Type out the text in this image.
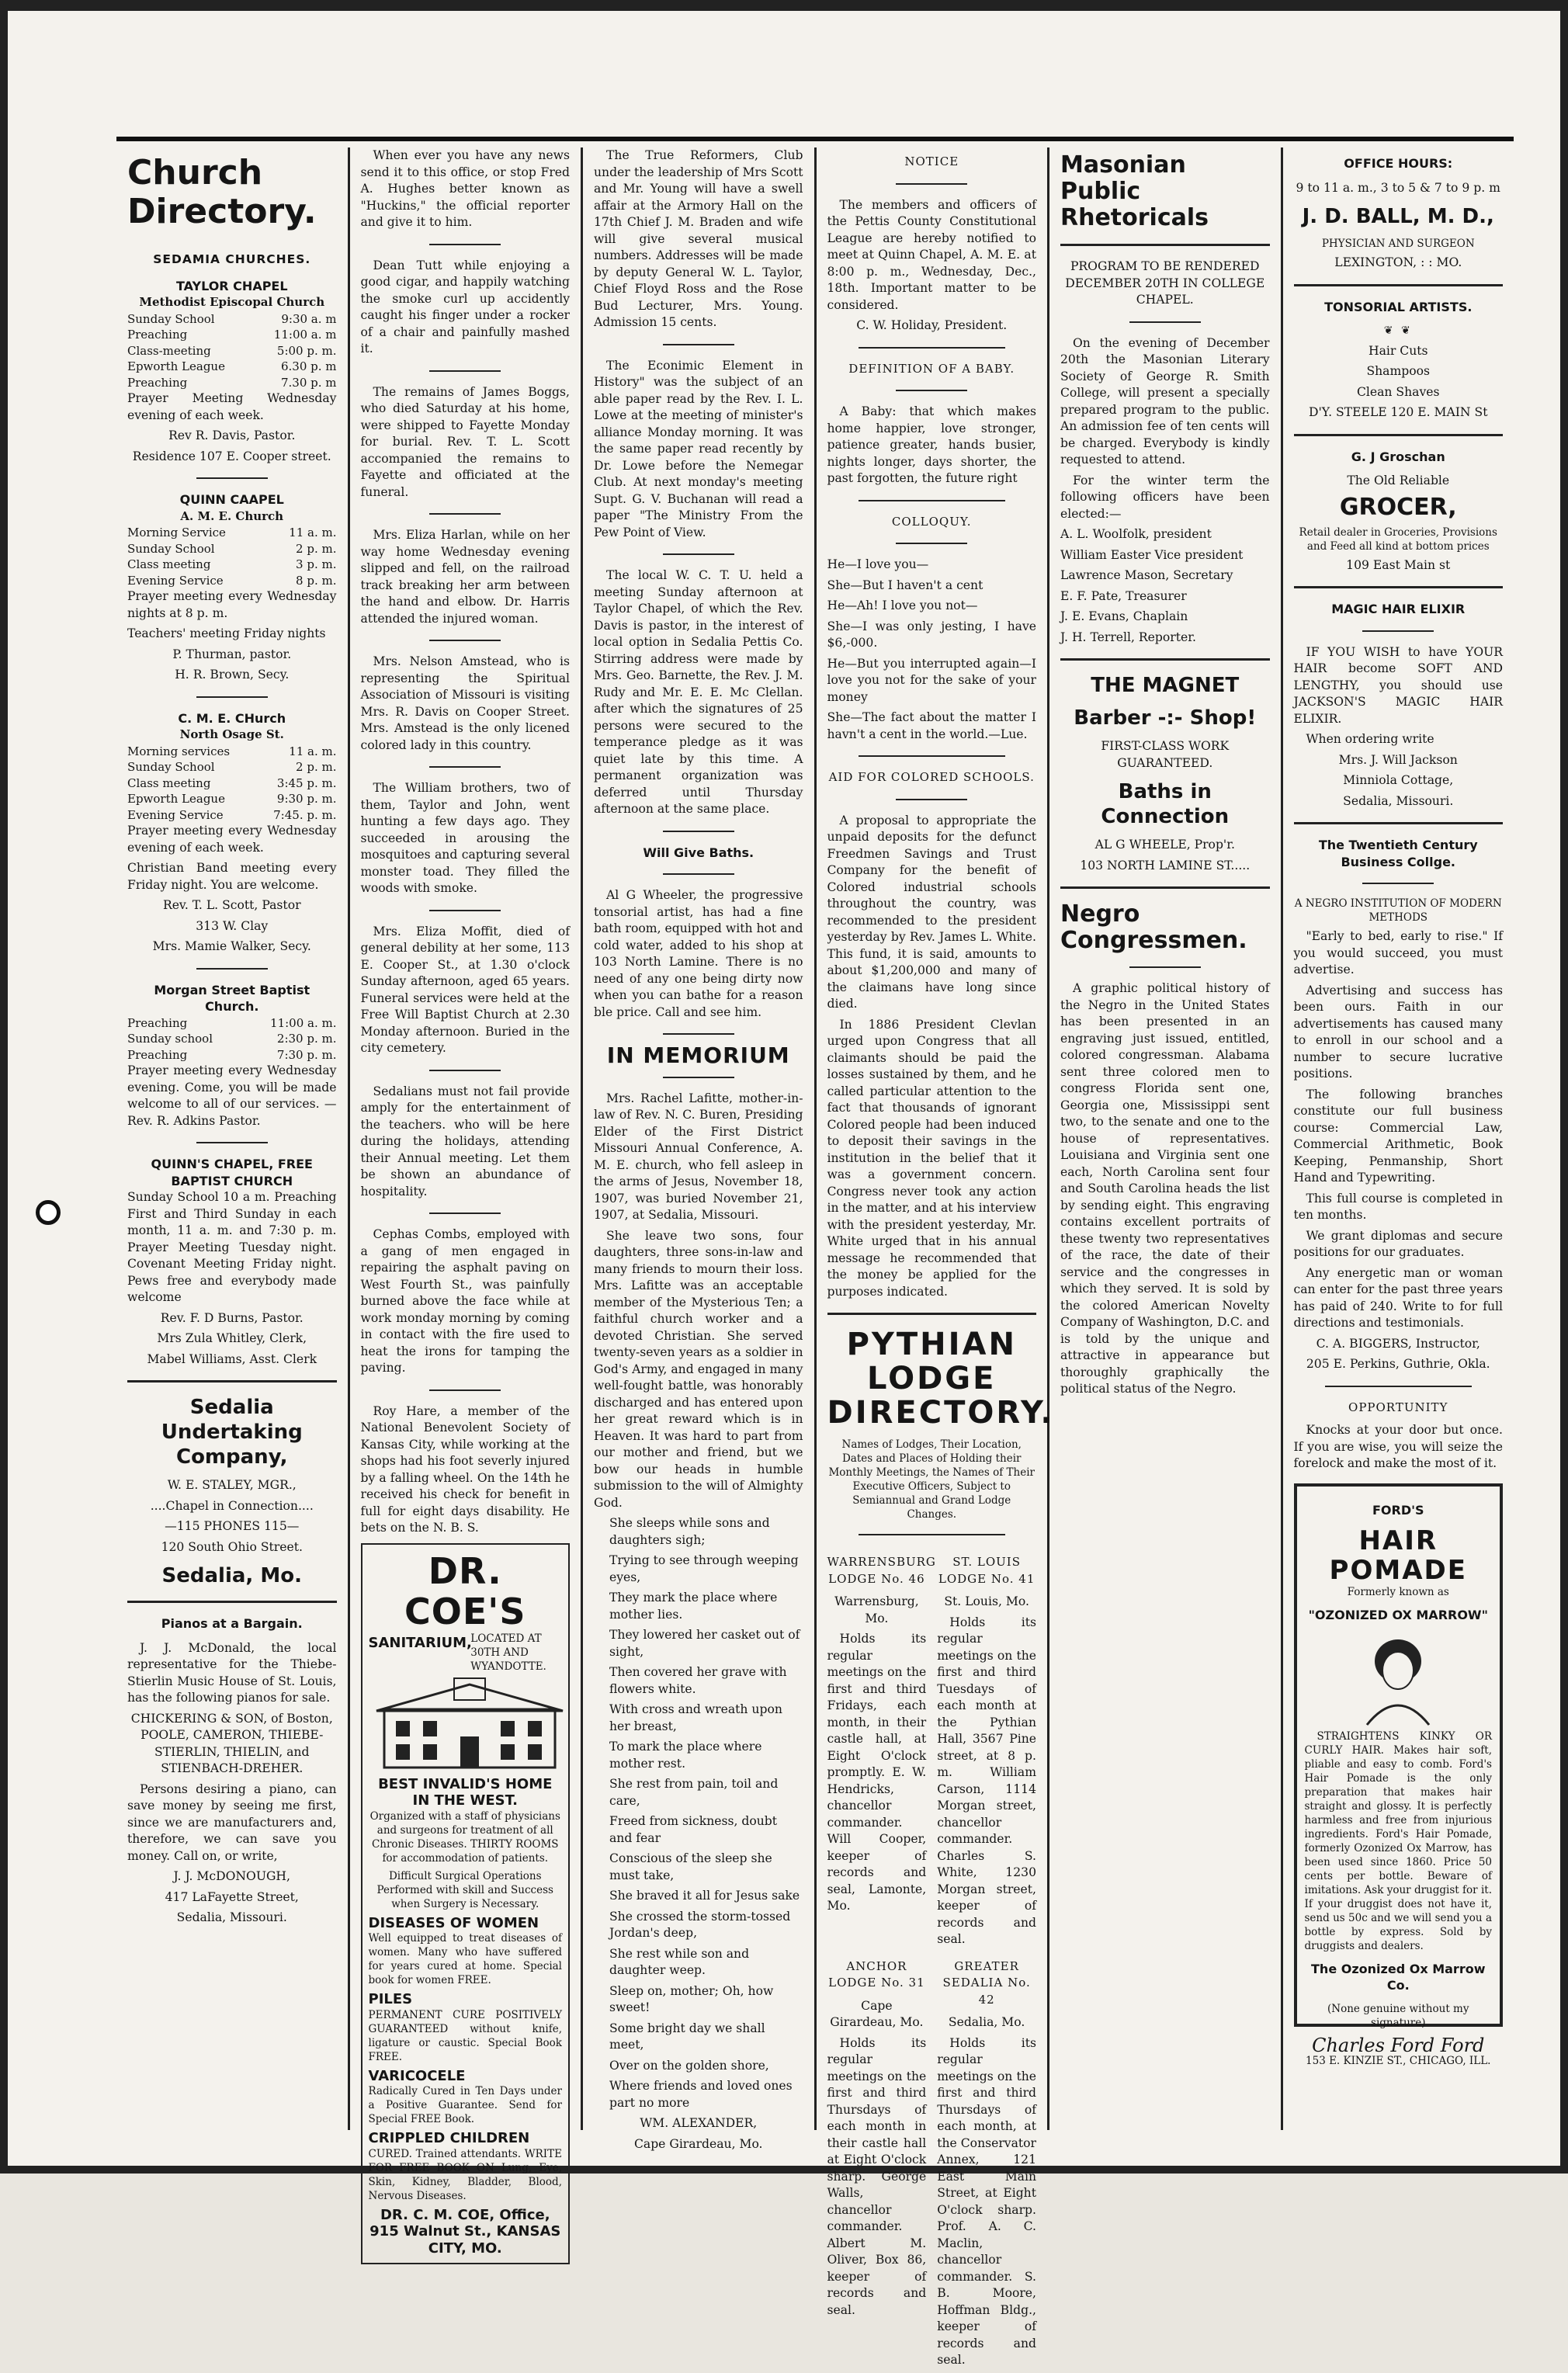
Church Directory.
SEDAMIA CHURCHES.
TAYLOR CHAPEL
Methodist Episcopal Church
Sunday School	9:30 a. m
Preaching	11:00 a. m
Class-meeting	5:00 p. m.
Epworth League	6.30 p. m
Preaching	7.30 p. m

Prayer Meeting Wednesday evening of each week.

Rev R. Davis, Pastor.

Residence 107 E. Cooper street.

QUINN CAAPEL
A. M. E. Church
Morning Service	11 a. m.
Sunday School	2 p. m.
Class meeting	3 p. m.
Evening Service	8 p. m.

Prayer meeting every Wednesday nights at 8 p. m.

Teachers' meeting Friday nights

P. Thurman, pastor.

H. R. Brown, Secy.

C. M. E. CHurch
North Osage St.
Morning services	11 a. m.
Sunday School	2 p. m.
Class meeting	3:45 p. m.
Epworth League	9:30 p. m.
Evening Service	7:45. p. m.

Prayer meeting every Wednesday evening of each week.

Christian Band meeting every Friday night. You are welcome.

Rev. T. L. Scott, Pastor

313 W. Clay

Mrs. Mamie Walker, Secy.

Morgan Street Baptist Church.
Preaching	11:00 a. m.
Sunday school	2:30 p. m.
Preaching	7:30 p. m.

Prayer meeting every Wednesday evening. Come, you will be made welcome to all of our services. —Rev. R. Adkins Pastor.

QUINN'S CHAPEL, FREE BAPTIST CHURCH

Sunday School 10 a m. Preaching First and Third Sunday in each month, 11 a. m. and 7:30 p. m. Prayer Meeting Tuesday night. Covenant Meeting Friday night. Pews free and everybody made welcome

Rev. F. D Burns, Pastor.

Mrs Zula Whitley, Clerk,

Mabel Williams, Asst. Clerk

Sedalia Undertaking Company,

W. E. STALEY, MGR.,

....Chapel in Connection....

—115 PHONES 115—

120 South Ohio Street.

Sedalia, Mo.
Pianos at a Bargain.

J. J. McDonald, the local representative for the Thiebe-Stierlin Music House of St. Louis, has the following pianos for sale.

CHICKERING & SON, of Boston, POOLE, CAMERON, THIEBE-STIERLIN, THIELIN, and STIENBACH-DREHER.

Persons desiring a piano, can save money by seeing me first, since we are manufacturers and, therefore, we can save you money. Call on, or write,

J. J. McDONOUGH,

417 LaFayette Street,

Sedalia, Missouri.

When ever you have any news send it to this office, or stop Fred A. Hughes better known as "Huckins," the official reporter and give it to him.

Dean Tutt while enjoying a good cigar, and happily watching the smoke curl up accidently caught his finger under a rocker of a chair and painfully mashed it.

The remains of James Boggs, who died Saturday at his home, were shipped to Fayette Monday for burial. Rev. T. L. Scott accompanied the remains to Fayette and officiated at the funeral.

Mrs. Eliza Harlan, while on her way home Wednesday evening slipped and fell, on the railroad track breaking her arm between the hand and elbow. Dr. Harris attended the injured woman.

Mrs. Nelson Amstead, who is representing the Spiritual Association of Missouri is visiting Mrs. R. Davis on Cooper Street. Mrs. Amstead is the only licened colored lady in this country.

The William brothers, two of them, Taylor and John, went hunting a few days ago. They succeeded in arousing the mosquitoes and capturing several monster toad. They filled the woods with smoke.

Mrs. Eliza Moffit, died of general debility at her some, 113 E. Cooper St., at 1.30 o'clock Sunday afternoon, aged 65 years. Funeral services were held at the Free Will Baptist Church at 2.30 Monday afternoon. Buried in the city cemetery.

Sedalians must not fail provide amply for the entertainment of the teachers. who will be here during the holidays, attending their Annual meeting. Let them be shown an abundance of hospitality.

Cephas Combs, employed with a gang of men engaged in repairing the asphalt paving on West Fourth St., was painfully burned above the face while at work monday morning by coming in contact with the fire used to heat the irons for tamping the paving.

Roy Hare, a member of the National Benevolent Society of Kansas City, while working at the shops had his foot severly injured by a falling wheel. On the 14th he received his check for benefit in full for eight days disability. He bets on the N. B. S.

DR. COE'S
SANITARIUM,
LOCATED AT 30TH AND WYANDOTTE.
BEST INVALID'S HOME IN THE WEST.

Organized with a staff of physicians and surgeons for treatment of all Chronic Diseases. THIRTY ROOMS for accommodation of patients.

Difficult Surgical Operations Performed with skill and Success when Surgery is Necessary.

DISEASES OF WOMEN

Well equipped to treat diseases of women. Many who have suffered for years cured at home. Special book for women FREE.

PILES

PERMANENT CURE POSITIVELY GUARANTEED without knife, ligature or caustic. Special Book FREE.

VARICOCELE

Radically Cured in Ten Days under a Positive Guarantee. Send for Special FREE Book.

CRIPPLED CHILDREN

CURED. Trained attendants. WRITE FOR FREE BOOK ON Lung, Eye, Skin, Kidney, Bladder, Blood, Nervous Diseases.

DR. C. M. COE, Office, 915 Walnut St., KANSAS CITY, MO.

The True Reformers, Club under the leadership of Mrs Scott and Mr. Young will have a swell affair at the Armory Hall on the 17th Chief J. M. Braden and wife will give several musical numbers. Addresses will be made by deputy General W. L. Taylor, Chief Floyd Ross and the Rose Bud Lecturer, Mrs. Young. Admission 15 cents.

The Econimic Element in History" was the subject of an able paper read by the Rev. I. L. Lowe at the meeting of minister's alliance Monday morning. It was the same paper read recently by Dr. Lowe before the Nemegar Club. At next monday's meeting Supt. G. V. Buchanan will read a paper "The Ministry From the Pew Point of View.

The local W. C. T. U. held a meeting Sunday afternoon at Taylor Chapel, of which the Rev. Davis is pastor, in the interest of local option in Sedalia Pettis Co. Stirring address were made by Mrs. Geo. Barnette, the Rev. J. M. Rudy and Mr. E. E. Mc Clellan. after which the signatures of 25 persons were secured to the temperance pledge as it was quiet late by this time. A permanent organization was deferred until Thursday afternoon at the same place.

Will Give Baths.

Al G Wheeler, the progressive tonsorial artist, has had a fine bath room, equipped with hot and cold water, added to his shop at 103 North Lamine. There is no need of any one being dirty now when you can bathe for a reason ble price. Call and see him.

IN MEMORIUM

Mrs. Rachel Lafitte, mother-in-law of Rev. N. C. Buren, Presiding Elder of the First District Missouri Annual Conference, A. M. E. church, who fell asleep in the arms of Jesus, November 18, 1907, was buried November 21, 1907, at Sedalia, Missouri.

She leave two sons, four daughters, three sons-in-law and many friends to mourn their loss. Mrs. Lafitte was an acceptable member of the Mysterious Ten; a faithful church worker and a devoted Christian. She served twenty-seven years as a soldier in God's Army, and engaged in many well-fought battle, was honorably discharged and has entered upon her great reward which is in Heaven. It was hard to part from our mother and friend, but we bow our heads in humble submission to the will of Almighty God.

She sleeps while sons and daughters sigh;

Trying to see through weeping eyes,

They mark the place where mother lies.

They lowered her casket out of sight,

Then covered her grave with flowers white.

With cross and wreath upon her breast,

To mark the place where mother rest.

She rest from pain, toil and care,

Freed from sickness, doubt and fear

Conscious of the sleep she must take,

She braved it all for Jesus sake

She crossed the storm-tossed Jordan's deep,

She rest while son and daughter weep.

Sleep on, mother; Oh, how sweet!

Some bright day we shall meet,

Over on the golden shore,

Where friends and loved ones part no more

WM. ALEXANDER,

Cape Girardeau, Mo.

NOTICE

The members and officers of the Pettis County Constitutional League are hereby notified to meet at Quinn Chapel, A. M. E. at 8:00 p. m., Wednesday, Dec., 18th. Important matter to be considered.

C. W. Holiday, President.

DEFINITION OF A BABY.

A Baby: that which makes home happier, love stronger, patience greater, hands busier, nights longer, days shorter, the past forgotten, the future right

COLLOQUY.

He—I love you—

She—But I haven't a cent

He—Ah! I love you not—

She—I was only jesting, I have $6,-000.

He—But you interrupted again—I love you not for the sake of your money

She—The fact about the matter I havn't a cent in the world.—Lue.

AID FOR COLORED SCHOOLS.

A proposal to appropriate the unpaid deposits for the defunct Freedmen Savings and Trust Company for the benefit of Colored industrial schools throughout the country, was recommended to the president yesterday by Rev. James L. White. This fund, it is said, amounts to about $1,200,000 and many of the claimans have long since died.

In 1886 President Clevlan urged upon Congress that all claimants should be paid the losses sustained by them, and he called particular attention to the fact that thousands of ignorant Colored people had been induced to deposit their savings in the institution in the belief that it was a government concern. Congress never took any action in the matter, and at his interview with the president yesterday, Mr. White urged that in his annual message he recommended that the money be applied for the purposes indicated.

PYTHIAN LODGE DIRECTORY.

Names of Lodges, Their Location, Dates and Places of Holding their Monthly Meetings, the Names of Their Executive Officers, Subject to Semiannual and Grand Lodge Changes.

WARRENSBURG LODGE No. 46

Warrensburg, Mo.

Holds its regular meetings on the first and third Fridays, each month, in their castle hall, at Eight O'clock promptly. E. W. Hendricks, chancellor commander. Will Cooper, keeper of records and seal, Lamonte, Mo.

ST. LOUIS LODGE No. 41

St. Louis, Mo.

Holds its regular meetings on the first and third Tuesdays of each month at the Pythian Hall, 3567 Pine street, at 8 p. m. William Carson, 1114 Morgan street, chancellor commander. Charles S. White, 1230 Morgan street, keeper of records and seal.

ANCHOR LODGE No. 31

Cape Girardeau, Mo.

Holds its regular meetings on the first and third Thursdays of each month in their castle hall at Eight O'clock sharp. George Walls, chancellor commander. Albert M. Oliver, Box 86, keeper of records and seal.

GREATER SEDALIA No. 42

Sedalia, Mo.

Holds its regular meetings on the first and third Thursdays of each month, at the Conservator Annex, 121 East Main Street, at Eight O'clock sharp. Prof. A. C. Maclin, chancellor commander. S. B. Moore, Hoffman Bldg., keeper of records and seal.

Masonian Public Rhetoricals

PROGRAM TO BE RENDERED DECEMBER 20TH IN COLLEGE CHAPEL.

On the evening of December 20th the Masonian Literary Society of George R. Smith College, will present a specially prepared program to the public. An admission fee of ten cents will be charged. Everybody is kindly requested to attend.

For the winter term the following officers have been elected:—

A. L. Woolfolk, president

William Easter Vice president

Lawrence Mason, Secretary

E. F. Pate, Treasurer

J. E. Evans, Chaplain

J. H. Terrell, Reporter.

THE MAGNET
Barber -:- Shop!

FIRST-CLASS WORK GUARANTEED.

Baths in Connection

AL G WHEELE, Prop'r.

103 NORTH LAMINE ST.....

Negro Congressmen.

A graphic political history of the Negro in the United States has been presented in an engraving just issued, entitled, colored congressman. Alabama sent three colored men to congress Florida sent one, Georgia one, Mississippi sent two, to the senate and one to the house of representatives. Louisiana and Virginia sent one each, North Carolina sent four and South Carolina heads the list by sending eight. This engraving contains excellent portraits of these twenty two representatives of the race, the date of their service and the congresses in which they served. It is sold by the colored American Novelty Company of Washington, D.C. and is told by the unique and attractive in appearance but thoroughly graphically the political status of the Negro.

OFFICE HOURS:

9 to 11 a. m., 3 to 5 & 7 to 9 p. m

J. D. BALL, M. D.,

PHYSICIAN AND SURGEON

LEXINGTON, : : MO.

TONSORIAL ARTISTS.
❦ ❦

Hair Cuts

Shampoos

Clean Shaves

D'Y. STEELE 120 E. MAIN St

G. J Groschan

The Old Reliable

GROCER,

Retail dealer in Groceries, Provisions and Feed all kind at bottom prices

109 East Main st

MAGIC HAIR ELIXIR

IF YOU WISH to have YOUR HAIR become SOFT AND LENGTHY, you should use JACKSON'S MAGIC HAIR ELIXIR.

When ordering write

Mrs. J. Will Jackson

Minniola Cottage,

Sedalia, Missouri.

The Twentieth Century Business Collge.

A NEGRO INSTITUTION OF MODERN METHODS

"Early to bed, early to rise." If you would succeed, you must advertise.

Advertising and success has been ours. Faith in our advertisements has caused many to enroll in our school and a number to secure lucrative positions.

The following branches constitute our full business course: Commercial Law, Commercial Arithmetic, Book Keeping, Penmanship, Short Hand and Typewriting.

This full course is completed in ten months.

We grant diplomas and secure positions for our graduates.

Any energetic man or woman can enter for the past three years has paid of 240. Write to for full directions and testimonials.

C. A. BIGGERS, Instructor,

205 E. Perkins, Guthrie, Okla.

OPPORTUNITY

Knocks at your door but once. If you are wise, you will seize the forelock and make the most of it.

FORD'S
HAIR POMADE

Formerly known as

"OZONIZED OX MARROW"

STRAIGHTENS KINKY OR CURLY HAIR. Makes hair soft, pliable and easy to comb. Ford's Hair Pomade is the only preparation that makes hair straight and glossy. It is perfectly harmless and free from injurious ingredients. Ford's Hair Pomade, formerly Ozonized Ox Marrow, has been used since 1860. Price 50 cents per bottle. Beware of imitations. Ask your druggist for it. If your druggist does not have it, send us 50c and we will send you a bottle by express. Sold by druggists and dealers.

The Ozonized Ox Marrow Co.

(None genuine without my signature)

Charles Ford Ford

153 E. KINZIE ST., CHICAGO, ILL.
